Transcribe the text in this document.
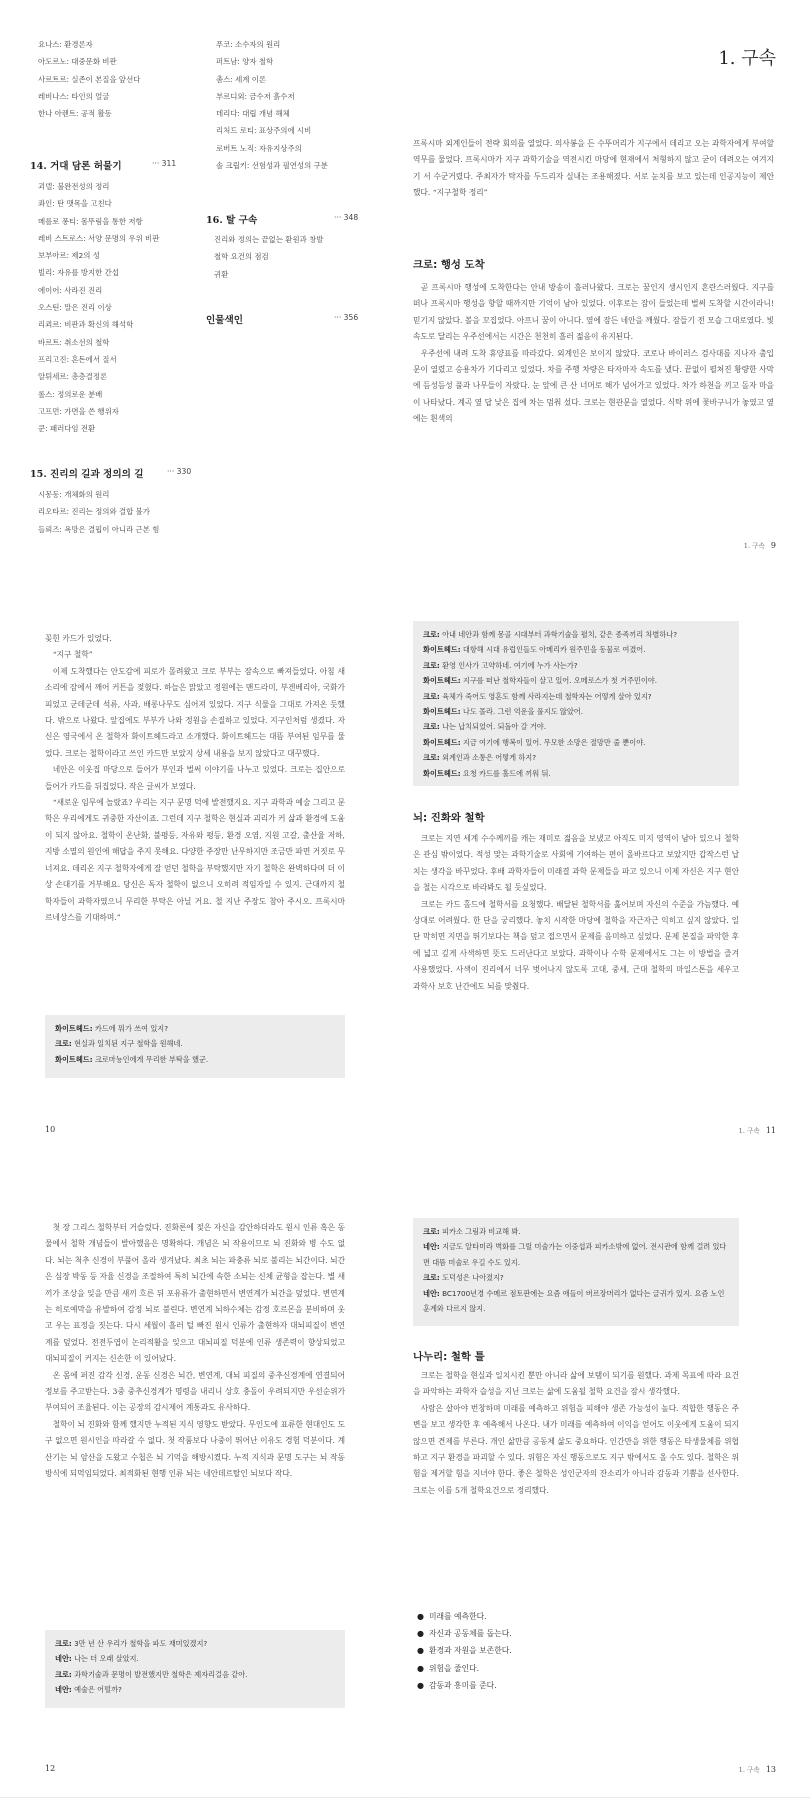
요나스: 환경론자
아도르노: 대중문화 비판
사르트르: 실존이 본질을 앞선다
레비나스: 타인의 얼굴
한나 아렌트: 공적 활동
14. 거대 담론 허물기	··· 311
괴델: 불완전성의 정리
콰인: 탄 맷목을 고친다
메를로 퐁티: 몸뚜림을 통한 저항
레비 스트로스: 서양 문명의 우위 비판
보부아르: 제2의 성
빌리: 자유를 방지한 간섭
에이어: 사라진 진리
오스틴: 말은 진리 이상
리쾨르: 비판과 확신의 해석학
바르트: 취소선의 철학
프리고진: 혼돈에서 질서
알튀세르: 총층결정론
롤스: 정의로운 분배
고프먼: 가면을 쓴 행위자
쿤: 패러다임 전환
15. 진리의 길과 정의의 길	··· 330
시몽동: 개체화의 원리
리오타르: 진리는 정의와 결합 불가
들뢰즈: 욕망은 결핍이 아니라 근본 힘
푸코: 소수자의 원리
퍼트남: 양자 철학
촘스: 세계 이론
부르디외: 금수저 흙수저
데리다: 대립 개념 해체
리처드 로티: 표상주의에 시비
로버트 노직: 자유지상주의
솔 크립키: 선험성과 필연성의 구분
16. 탈 구속	··· 348
진리와 정의는 끝없는 환원과 창발
철학 요건의 점검
귀환
인물색인	··· 356
1. 구속

프록시마 외계인들이 전략 회의를 열었다. 의사봉을 든 수뚜머리가 지구에서 데리고 오는 과학자에게 부여할 역무를 물었다. 프록시마가 지구 과학기술을 역전시킨 마당에 현재에서 처형하지 않고 굳이 데려오는 여겨지기 서 수군거렸다. 주최자가 탁자를 두드리자 실내는 조용해졌다. 서로 눈치를 보고 있는데 인공지능이 제안했다. “지구철학 정리”

크로: 행성 도착

곧 프록시마 행성에 도착한다는 안내 방송이 흘러나왔다. 크로는 꿈인지 생시인지 혼란스러웠다. 지구를 떠나 프록시마 행성을 향할 때까지만 기억이 남아 있었다. 이후로는 잠이 들었는데 벌써 도착할 시간이라니! 믿기지 않았다. 볼을 꼬집었다. 아프니 꿈이 아니다. 옆에 잠든 네안을 깨웠다. 잠들기 전 모습 그대로였다. 빛 속도로 달리는 우주선에서는 시간은 천천히 흘러 젊음이 유지된다.

우주선에 내려 도착 휴양표를 따라갔다. 외계인은 보이지 않았다. 코로나 바이러스 검사대를 지나자 출입문이 열렸고 승용차가 기다리고 있었다. 차를 주행 차량은 타자마자 속도를 냈다. 끝없이 펼쳐진 황량한 사막에 듬성듬성 풀과 나무들이 자랐다. 눈 앞에 큰 산 너머로 해가 넘어가고 있었다. 차가 하천을 끼고 돌자 마을이 나타났다. 계곡 옆 답 낮은 집에 차는 멈춰 섰다. 크로는 현관문을 열었다. 식탁 위에 꽃바구니가 놓였고 옆에는 흰색의

1. 구속 9

꽂힌 카드가 있었다.

“지구 철학”

이제 도착했다는 안도감에 피로가 몰려왔고 크로 부부는 잠속으로 빠져들었다. 아침 새소리에 잠에서 깨어 커튼을 젖혔다. 하늘은 맑았고 정원에는 맨드라미, 부겐베리아, 국화가 피었고 군데군데 석류, 사과, 배롱나무도 심어져 있었다. 지구 식물을 그대로 가져온 듯했다. 밖으로 나왔다. 앞집에도 부부가 나와 정원을 손질하고 있었다. 지구인처럼 생겼다. 자신은 영국에서 온 철학자 화이트헤드라고 소개했다. 화이트헤드는 대뜸 부여된 임무를 물었다. 크로는 철학이라고 쓰인 카드만 보았지 상세 내용을 보지 않았다고 대꾸했다.

네안은 이웃집 마당으로 들어가 부인과 벌써 이야기를 나누고 있었다. 크로는 집안으로 들어가 카드를 뒤집었다. 작은 글씨가 보였다.

“새로운 임무에 놀랐죠? 우리는 지구 문명 덕에 발전했지요. 지구 과학과 예술 그리고 문학은 우리에게도 귀중한 자산이죠. 그런데 지구 철학은 현실과 괴리가 커 삶과 환경에 도움이 되지 않아요. 철학이 온난화, 불평등, 자유와 평등, 환경 오염, 지원 고갈, 출산율 저하, 지방 소멸의 원인에 해답을 주지 못해요. 다양한 주장만 난무하지만 조금만 파면 거짓로 무너져요. 데리온 지구 철학자에게 잘 얻던 철학을 부탁했지만 자기 철학은 완벽하다며 더 이상 손대기를 거부해요. 당신은 독자 철학이 없으니 오히려 적임자일 수 있지. 근대까지 철학자들이 과학자였으니 무리한 부탁은 아닐 거요. 철 지난 주장도 참아 주시오. 프록시마 르네상스를 기대하며.”

화이트헤드: 카드에 뭐가 쓰여 있지?
크로: 현실과 일치된 지구 철학을 원해네.
화이트헤드: 크로마뇽인에게 무리한 부탁을 했군.
10
크로: 아내 네안과 함께 몽골 시대부터 과학기술을 펼치, 같은 종족끼리 차별하나?
화이트헤드: 대항해 시대 유럽인들도 아메리카 원주민을 동물로 여겼어.
크로: 환영 인사가 고약하네. 여기에 누가 사는가?
화이트헤드: 지구를 떠난 철학자들이 살고 있어. 오메로스가 첫 거주민이야.
크로: 육체가 죽어도 영혼도 함께 사라지는데 철학자는 어떻게 살아 있지?
화이트헤드: 나도 몰라. 그런 억운을 풀지도 않았어.
크로: 나는 납치되었어. 되돌아 갈 거야.
화이트헤드: 지금 여기에 행복이 있어. 무모한 소망은 절망만 줄 뿐이야.
크로: 외계인과 소통은 어떻게 하지?
화이트헤드: 요청 카드를 홀드에 끼워 둬.
뇌: 진화와 철학

크로는 지연 세계 수수께끼를 캐는 재미로 젊음을 보냈고 아직도 미지 영역이 남아 있으니 철학은 관심 밖이었다. 적성 맞는 과학기술로 사회에 기여하는 편이 올바르다고 보았지만 갑작스런 납치는 생각을 바꾸었다. 후배 과학자들이 미래결 과학 문제들을 파고 있으니 이제 자신은 지구 현안을 철는 시각으로 바라봐도 될 듯싶었다.

크로는 카드 홀드에 철학서를 요청했다. 배달된 철학서를 훑어보며 자신의 수준을 가늠했다. 예상대로 어려웠다. 한 단을 궁리했다. 놓치 시작한 마당에 철학을 자근자근 익히고 싶지 않았다. 일단 막히면 지면을 뛰기보다는 책을 덮고 접으면서 문제를 음미하고 싶었다. 문제 본질을 파악한 후에 넓고 깊게 사색하면 뜻도 드러난다고 보았다. 과학이나 수학 문제에서도 그는 이 방법을 즐겨 사용했었다. 사색이 진리에서 너무 벗어나지 않도록 고대, 중세, 근대 철학의 마일스톤을 세우고 과학사 보호 난간에도 뇌를 맞췄다.

1. 구속 11

첫 장 그리스 철학부터 거슬렀다. 진화론에 젖은 자신을 감안하더라도 원시 인류 혹은 동물에서 철학 개념들이 발아했음은 명확하다. 개념은 뇌 작용이므로 뇌 진화와 병 수도 없다. 뇌는 척추 신경이 부풀어 올라 생겨났다. 최초 뇌는 파충류 뇌로 불리는 뇌간이다. 뇌간은 심장 박동 등 자율 신경을 조절하여 특히 뇌간에 속한 소뇌는 신체 균형을 잡는다. 별 새끼가 조상을 잊을 만큼 새끼 흐른 뒤 포유류가 출현하면서 변연계가 뇌간을 덮었다. 변연계는 히로예막을 유발하여 감정 뇌로 불린다. 변연계 뇌하수체는 감정 호르몬을 분비하며 웃고 우는 표정을 짓는다. 다시 세월이 흘러 털 빠진 원시 인류가 출현하자 대뇌피질이 변연계를 덮었다. 전전두엽이 논리적활을 잊으고 대뇌피질 덕분에 인류 생존력이 향상되었고 대뇌피질이 커지는 신손한 이 있어났다.

온 몸에 퍼진 감각 신경, 운동 신경은 뇌간, 변연계, 대뇌 피질의 중추신경계에 연결되어 정보를 주고받는다. 3중 중추신경계가 명령을 내리니 상호 충돌이 우려되지만 우선순위가 부여되어 조율된다. 이는 공장의 감시제어 계통과도 유사하다.

철학이 뇌 진화와 함께 했지만 누적된 지식 영향도 받았다. 무인도에 표류한 현대인도 도구 없으면 원시인을 따라갈 수 없다. 첫 작품보다 나중이 뛰어난 이유도 경험 덕분이다. 계산기는 뇌 암산을 도왔고 수첩은 뇌 기억을 해방시켰다. 누적 지식과 문명 도구는 뇌 작동 방식에 되먹임되었다. 최적화된 현행 인류 뇌는 네안데르탈인 뇌보다 작다.

크로: 3만 년 산 우리가 철학을 파도 재미있겠지?
네안: 나는 더 오래 살았지.
크로: 과학기술과 문명이 발전했지만 철학은 제자리걸음 같아.
네안: 예술은 어떨까?
12
크로: 피카소 그림과 비교해 봐.
네안: 지금도 알타미라 벽화를 그릴 미술가는 이중섭과 피카소밖에 없어. 전시관에 함께 걸려 있다면 대뜸 미술로 우길 수도 있지.
크로: 도덕성은 나아졌지?
네안: BC1700년경 수메르 점토판에는 요즘 애들이 버르장머리가 없다는 글귀가 있지. 요즘 노인 훈계와 다르지 않지.
나누리: 철학 틀

크로는 철학을 현실과 일치시킨 뿐만 아니라 삶에 보탬이 되기를 원했다. 과제 목표에 따라 요건을 파악하는 과학자 습성을 지닌 크로는 삶에 도움될 철학 요건을 잠시 생각했다.

사람은 살아야 번창하며 미래를 예측하고 위험을 피해야 생존 가능성이 높다. 적합한 행동은 주변을 보고 생각한 후 예측해서 나온다. 내가 미래를 예측하여 이익을 얻어도 이웃에게 도움이 되지 않으면 견제를 부른다. 개인 삶만큼 공동체 삶도 중요하다. 인간만을 위한 행동은 타생물체를 위협하고 지구 환경을 파괴할 수 있다. 위험은 자신 행동으로도 지구 밖에서도 올 수도 있다. 철학은 위험을 제거할 힘을 지녀야 한다. 좋은 철학은 성인군자의 잔소리가 아니라 감동과 기쁨을 선사한다. 크로는 이를 5개 철학요건으로 정리했다.

● 미래를 예측한다.
● 자신과 공동체를 돕는다.
● 환경과 자원을 보존한다.
● 위험을 줄인다.
● 감동과 흥미를 준다.
1. 구속 13
